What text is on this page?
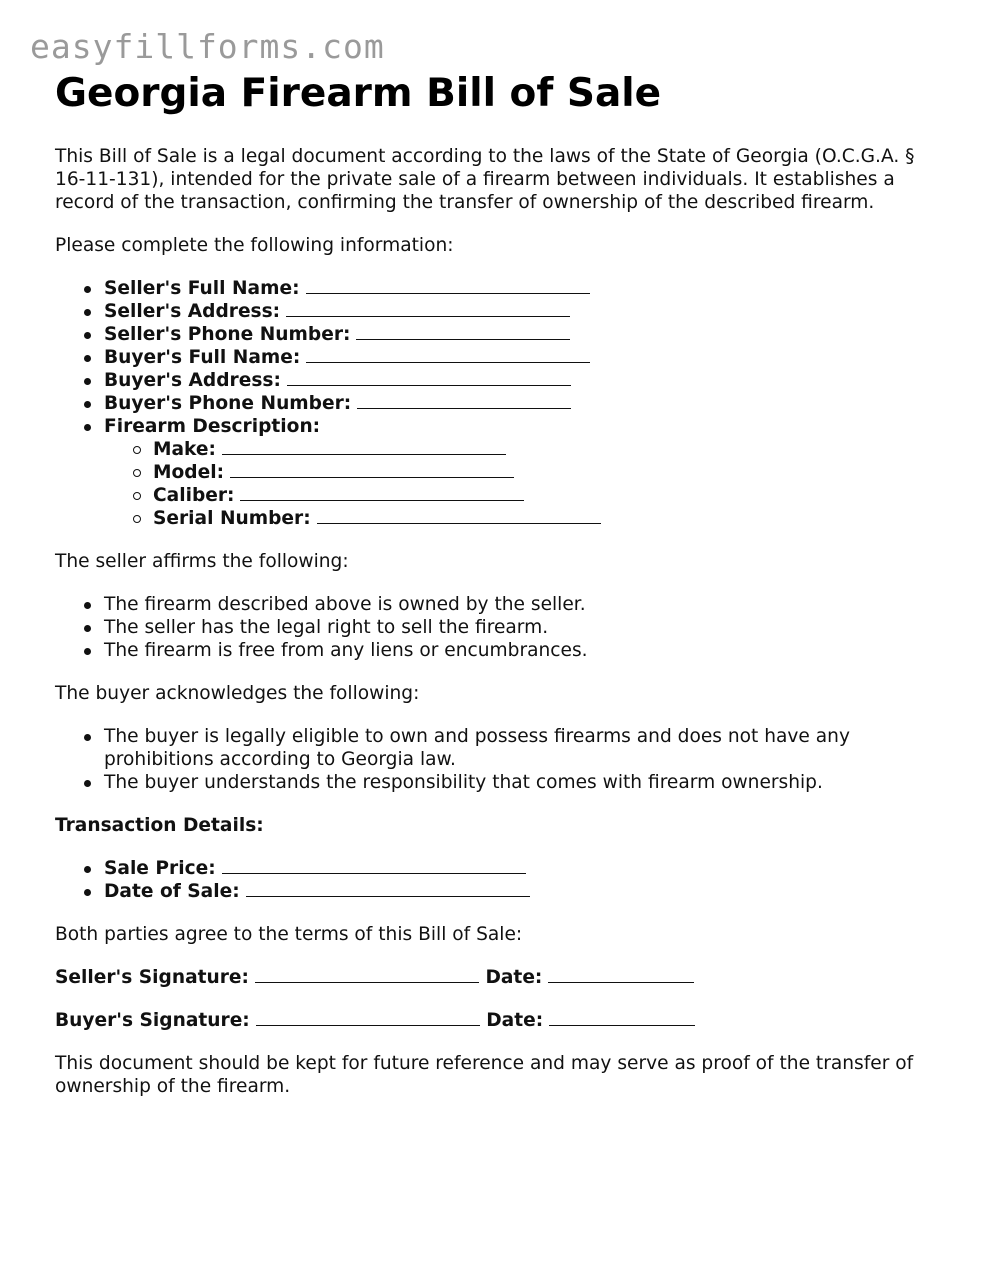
easyfillforms.com
Georgia Firearm Bill of Sale

This Bill of Sale is a legal document according to the laws of the State of Georgia (O.C.G.A. § 16-11-131), intended for the private sale of a firearm between individuals. It establishes a record of the transaction, confirming the transfer of ownership of the described firearm.

Please complete the following information:

Seller's Full Name:
Seller's Address:
Seller's Phone Number:
Buyer's Full Name:
Buyer's Address:
Buyer's Phone Number:
Firearm Description:
Make:
Model:
Caliber:
Serial Number:

The seller affirms the following:

The firearm described above is owned by the seller.
The seller has the legal right to sell the firearm.
The firearm is free from any liens or encumbrances.

The buyer acknowledges the following:

The buyer is legally eligible to own and possess firearms and does not have any prohibitions according to Georgia law.
The buyer understands the responsibility that comes with firearm ownership.

Transaction Details:

Sale Price:
Date of Sale:

Both parties agree to the terms of this Bill of Sale:

Seller's Signature:	Date:

Buyer's Signature:	Date:

This document should be kept for future reference and may serve as proof of the transfer of ownership of the firearm.
